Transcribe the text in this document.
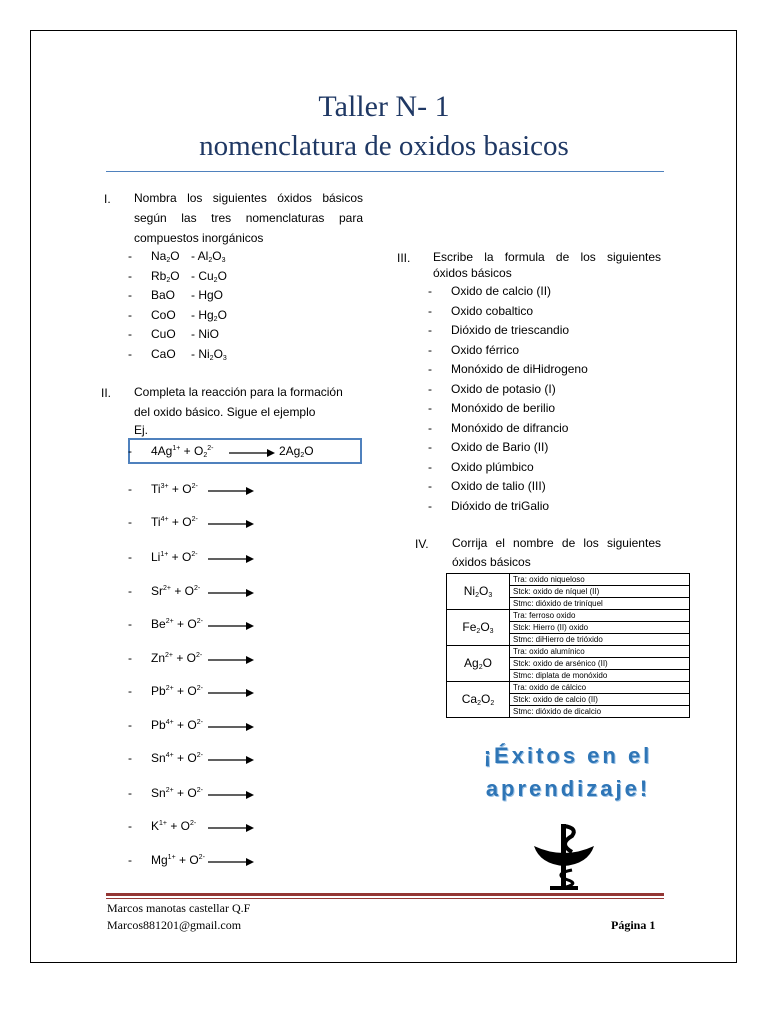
Taller N- 1
nomenclatura de oxidos basicos
I. Nombra los siguientes óxidos básicos
según las tres nomenclaturas para
compuestos inorgánicos
- $Na_2O - Al_2O_3$
- $Rb_2O - Cu_2O$
- BaO - HgO
- CoO - $Hg_2O$
- CuO - NiO
- CaO - $Ni_2O_3$
II. Completa la reacción para la formación
del oxido básico. Sigue el ejemplo
Ej.
- $4Ag^{1+} + O_2^{2-}$	$2Ag_2O$
- $Ti^{3+} + O^{2-}$
- $Ti^{4+} + O^{2-}$
- $Li^{1+} + O^{2-}$
- $Sr^{2+} + O^{2-}$
- $Be^{2+} + O^{2-}$
- $Zn^{2+} + O^{2-}$
- $Pb^{2+} + O^{2-}$
- $Pb^{4+} + O^{2-}$
- $Sn^{4+} + O^{2-}$
- $Sn^{2+} + O^{2-}$
- $K^{1+} + O^{2-}$
- $Mg^{1+} + O^{2-}$
III. Escribe la formula de los siguientes
óxidos básicos
- Oxido de calcio (II)
- Oxido cobaltico
- Dióxido de triescandio
- Oxido férrico
- Monóxido de diHidrogeno
- Oxido de potasio (I)
- Monóxido de berilio
- Monóxido de difrancio
- Oxido de Bario (II)
- Oxido plúmbico
- Oxido de talio (III)
- Dióxido de triGalio
IV. Corrija el nombre de los siguientes
óxidos básicos
$Ni_2O_3$	Tra: oxido niqueloso
	Stck: oxido de níquel (II)
	Stmc: dióxido de triníquel
$Fe_2O_3$	Tra: ferroso oxido
	Stck: Hierro (II) oxido
	Stmc: diHierro de trióxido
$Ag_2O$	Tra: oxido alumínico
	Stck: oxido de arsénico (II)
	Stmc: diplata de monóxido
$Ca_2O_2$	Tra: oxido de cálcico
	Stck: oxido de calcio (II)
	Stmc: dióxido de dicalcio
¡Éxitos en el
aprendizaje!
Marcos manotas castellar Q.F
Marcos881201@gmail.com	Página 1
